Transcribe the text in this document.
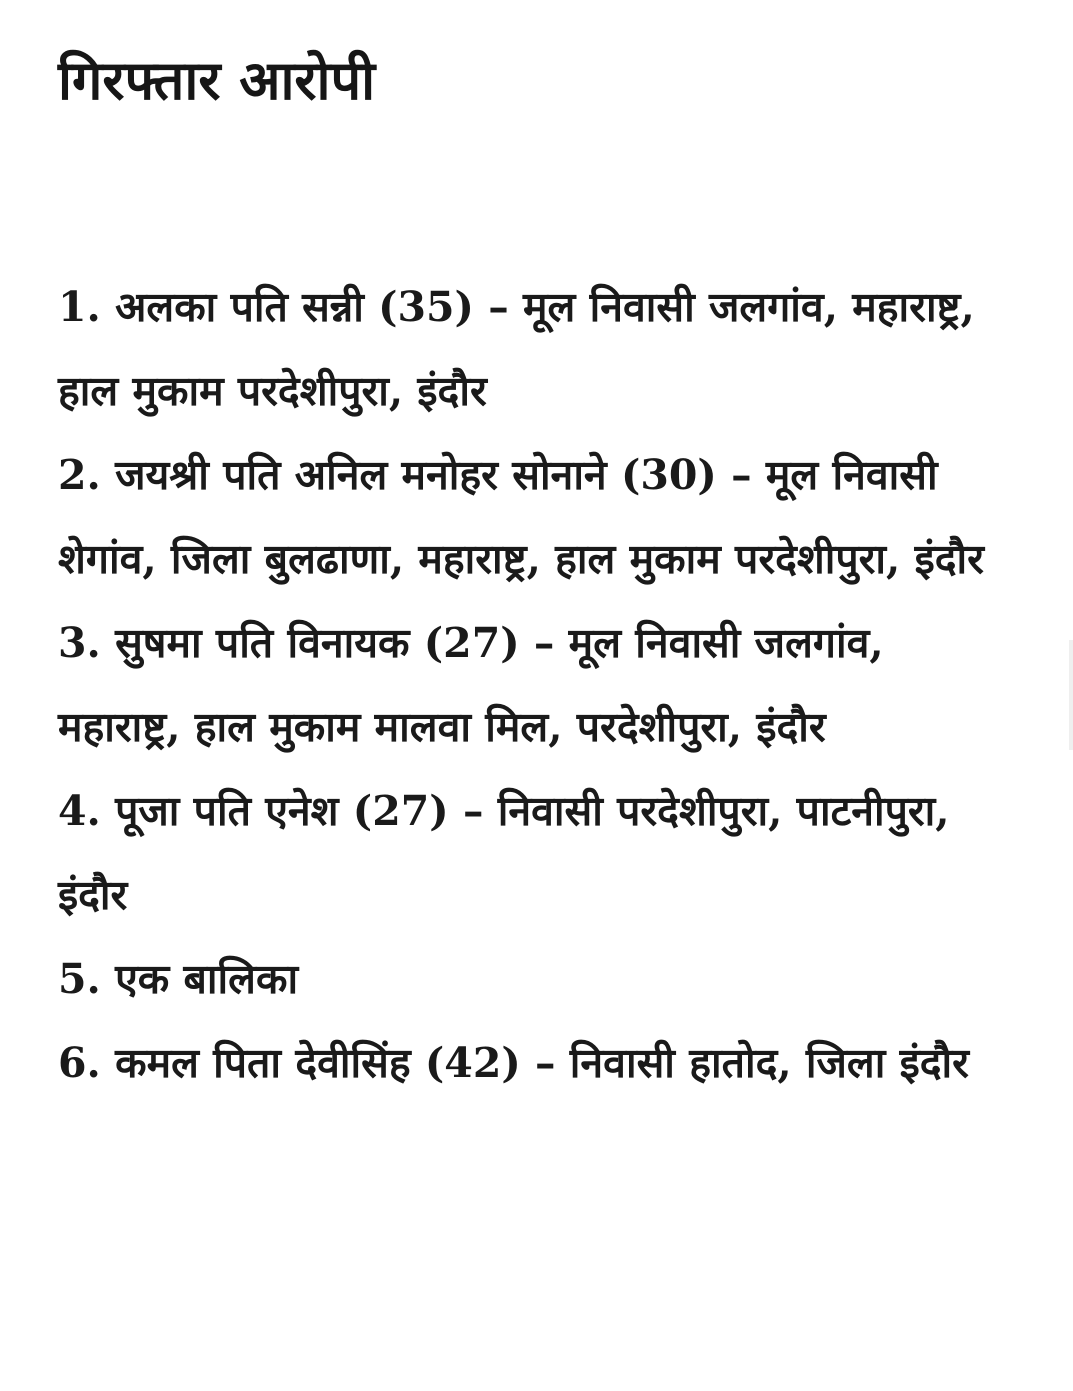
गिरफ्तार आरोपी
1. अलका पति सन्नी (35) – मूल निवासी जलगांव, महाराष्ट्र, हाल मुकाम परदेशीपुरा, इंदौर
2. जयश्री पति अनिल मनोहर सोनाने (30) – मूल निवासी शेगांव, जिला बुलढाणा, महाराष्ट्र, हाल मुकाम परदेशीपुरा, इंदौर
3. सुषमा पति विनायक (27) – मूल निवासी जलगांव, महाराष्ट्र, हाल मुकाम मालवा मिल, परदेशीपुरा, इंदौर
4. पूजा पति एनेश (27) – निवासी परदेशीपुरा, पाटनीपुरा, इंदौर
5. एक बालिका
6. कमल पिता देवीसिंह (42) – निवासी हातोद, जिला इंदौर
